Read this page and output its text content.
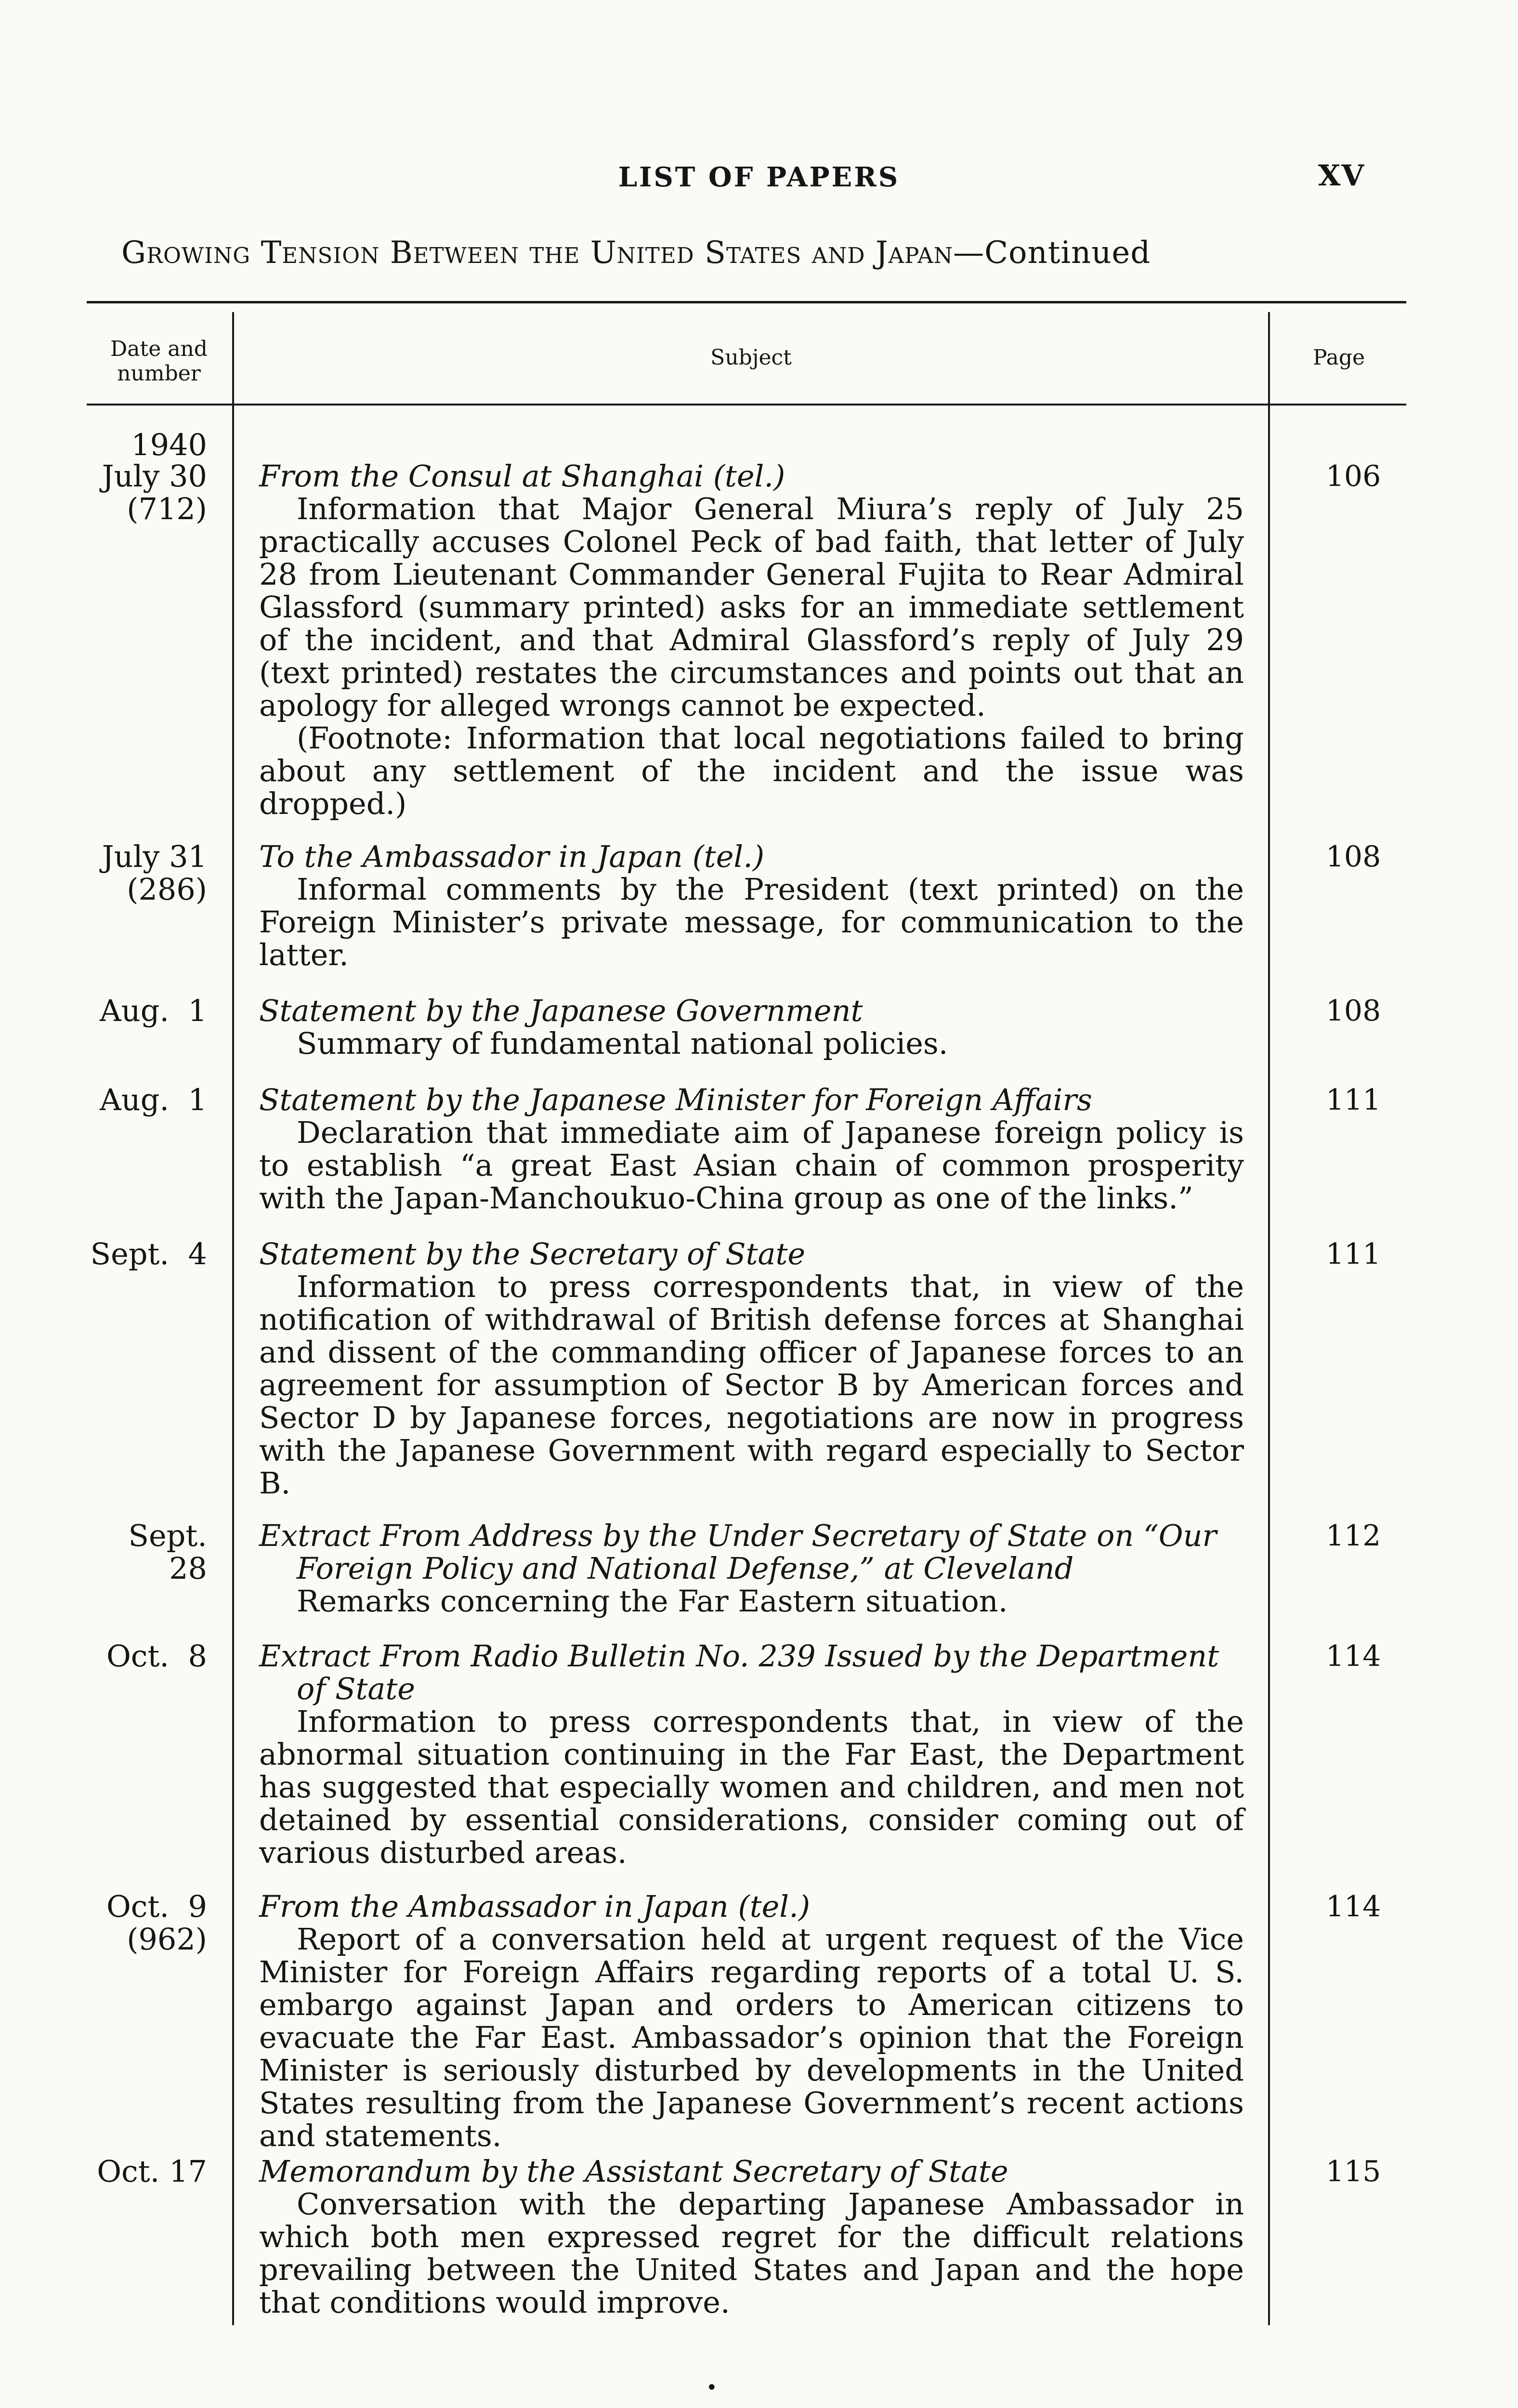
LIST OF PAPERS	XV
Growing Tension Between the United States and Japan—Continued
Date and number
Subject	Page
1940
July 30
(712)
From the Consul at Shanghai (tel.)
Information that Major General Miura’s reply of July 25 practically accuses Colonel Peck of bad faith, that letter of July 28 from Lieutenant Commander General Fujita to Rear Admiral Glassford (summary printed) asks for an immediate settlement of the incident, and that Admiral Glassford’s reply of July 29 (text printed) restates the circumstances and points out that an apology for alleged wrongs cannot be expected.
(Footnote: Information that local negotiations failed to bring about any settlement of the incident and the issue was dropped.)
106
July 31
(286)
To the Ambassador in Japan (tel.)
Informal comments by the President (text printed) on the Foreign Minister’s private message, for communication to the latter.
108
Aug.  1 Statement by the Japanese Government
Summary of fundamental national policies.
108
Aug.  1 Statement by the Japanese Minister for Foreign Affairs
Declaration that immediate aim of Japanese foreign policy is to establish “a great East Asian chain of common prosperity with the Japan-Manchoukuo-China group as one of the links.”
111
Sept.  4 Statement by the Secretary of State
Information to press correspondents that, in view of the notification of withdrawal of British defense forces at Shanghai and dissent of the commanding officer of Japanese forces to an agreement for assumption of Sector B by American forces and Sector D by Japanese forces, negotiations are now in progress with the Japanese Government with regard especially to Sector B.
111
Sept. 28
Extract From Address by the Under Secretary of State on “Our Foreign Policy and National Defense,” at Cleveland
Remarks concerning the Far Eastern situation.
112
Oct.  8 Extract From Radio Bulletin No. 239 Issued by the Department of State
Information to press correspondents that, in view of the abnormal situation continuing in the Far East, the Department has suggested that especially women and children, and men not detained by essential considerations, consider coming out of various disturbed areas.
114
Oct.  9
(962)
From the Ambassador in Japan (tel.)
Report of a conversation held at urgent request of the Vice Minister for Foreign Affairs regarding reports of a total U. S. embargo against Japan and orders to American citizens to evacuate the Far East. Ambassador’s opinion that the Foreign Minister is seriously disturbed by developments in the United States resulting from the Japanese Government’s recent actions and statements.
114
Oct. 17 Memorandum by the Assistant Secretary of State
Conversation with the departing Japanese Ambassador in which both men expressed regret for the difficult relations prevailing between the United States and Japan and the hope that conditions would improve.
115
•
